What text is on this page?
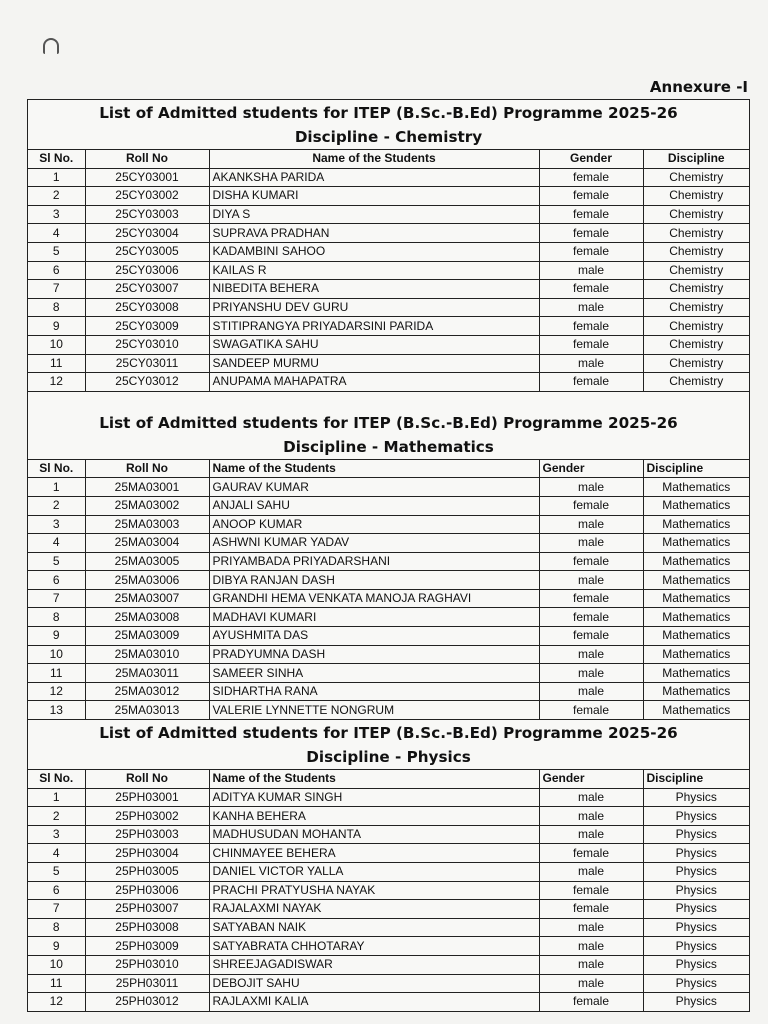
Annexure -I
List of Admitted students for ITEP (B.Sc.-B.Ed) Programme 2025-26
Discipline - Chemistry
Sl No.	Roll No	Name of the Students	Gender	Discipline
1	25CY03001	AKANKSHA PARIDA	female	Chemistry
2	25CY03002	DISHA KUMARI	female	Chemistry
3	25CY03003	DIYA S	female	Chemistry
4	25CY03004	SUPRAVA PRADHAN	female	Chemistry
5	25CY03005	KADAMBINI SAHOO	female	Chemistry
6	25CY03006	KAILAS R	male	Chemistry
7	25CY03007	NIBEDITA BEHERA	female	Chemistry
8	25CY03008	PRIYANSHU DEV GURU	male	Chemistry
9	25CY03009	STITIPRANGYA PRIYADARSINI PARIDA	female	Chemistry
10	25CY03010	SWAGATIKA SAHU	female	Chemistry
11	25CY03011	SANDEEP MURMU	male	Chemistry
12	25CY03012	ANUPAMA MAHAPATRA	female	Chemistry
List of Admitted students for ITEP (B.Sc.-B.Ed) Programme 2025-26
Discipline - Mathematics
Sl No.	Roll No	Name of the Students	Gender	Discipline
1	25MA03001	GAURAV KUMAR	male	Mathematics
2	25MA03002	ANJALI SAHU	female	Mathematics
3	25MA03003	ANOOP KUMAR	male	Mathematics
4	25MA03004	ASHWNI KUMAR YADAV	male	Mathematics
5	25MA03005	PRIYAMBADA PRIYADARSHANI	female	Mathematics
6	25MA03006	DIBYA RANJAN DASH	male	Mathematics
7	25MA03007	GRANDHI HEMA VENKATA MANOJA RAGHAVI	female	Mathematics
8	25MA03008	MADHAVI KUMARI	female	Mathematics
9	25MA03009	AYUSHMITA DAS	female	Mathematics
10	25MA03010	PRADYUMNA DASH	male	Mathematics
11	25MA03011	SAMEER SINHA	male	Mathematics
12	25MA03012	SIDHARTHA RANA	male	Mathematics
13	25MA03013	VALERIE LYNNETTE NONGRUM	female	Mathematics
List of Admitted students for ITEP (B.Sc.-B.Ed) Programme 2025-26
Discipline - Physics
Sl No.	Roll No	Name of the Students	Gender	Discipline
1	25PH03001	ADITYA KUMAR SINGH	male	Physics
2	25PH03002	KANHA BEHERA	male	Physics
3	25PH03003	MADHUSUDAN MOHANTA	male	Physics
4	25PH03004	CHINMAYEE BEHERA	female	Physics
5	25PH03005	DANIEL VICTOR YALLA	male	Physics
6	25PH03006	PRACHI PRATYUSHA NAYAK	female	Physics
7	25PH03007	RAJALAXMI NAYAK	female	Physics
8	25PH03008	SATYABAN NAIK	male	Physics
9	25PH03009	SATYABRATA CHHOTARAY	male	Physics
10	25PH03010	SHREEJAGADISWAR	male	Physics
11	25PH03011	DEBOJIT SAHU	male	Physics
12	25PH03012	RAJLAXMI KALIA	female	Physics
